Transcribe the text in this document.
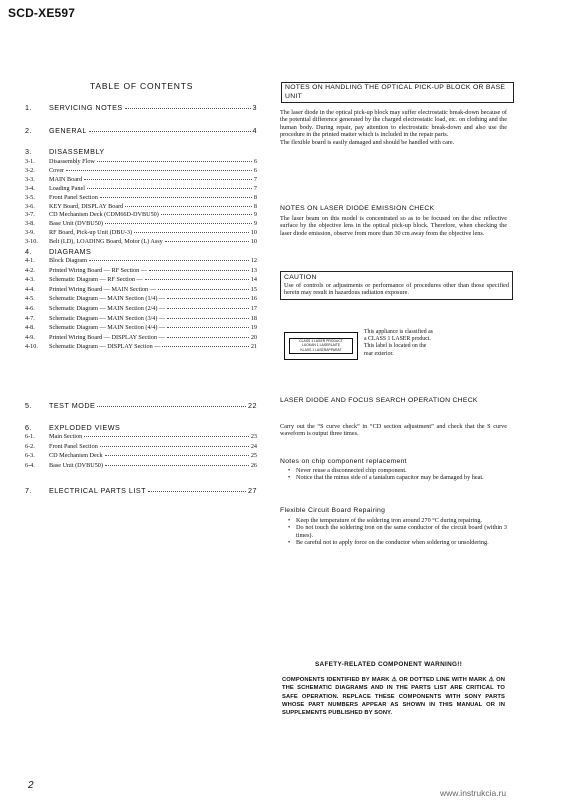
SCD-XE597
TABLE OF CONTENTS
1.	SERVICING NOTES	3
2.	GENERAL	4
3.	DISASSEMBLY
3-1.	Disassembly Flow	6
3-2.	Cover	6
3-3.	MAIN Board	7
3-4.	Loading Panel	7
3-5.	Front Panel Section	8
3-6.	KEY Board, DISPLAY Board	8
3-7.	CD Mechanism Deck (CDM66D-DVBU50)	9
3-8.	Base Unit (DVBU50)	9
3-9.	RF Board, Pick-up Unit (DBU-3)	10
3-10.	Belt (LD), LOADING Board, Motor (L) Assy	10
4.	DIAGRAMS
4-1.	Block Diagram	12
4-2.	Printed Wiring Board — RF Section —	13
4-3.	Schematic Diagram — RF Section —	14
4-4.	Printed Wiring Board — MAIN Section —	15
4-5.	Schematic Diagram — MAIN Section (1/4) —	16
4-6.	Schematic Diagram — MAIN Section (2/4) —	17
4-7.	Schematic Diagram — MAIN Section (3/4) —	18
4-8.	Schematic Diagram — MAIN Section (4/4) —	19
4-9.	Printed Wiring Board — DISPLAY Section —	20
4-10.	Schematic Diagram — DISPLAY Section —	21
5.	TEST MODE	22
6.	EXPLODED VIEWS
6-1.	Main Section	23
6-2.	Front Panel Section	24
6-3.	CD Mechanism Deck	25
6-4.	Base Unit (DVBU50)	26
7.	ELECTRICAL PARTS LIST	27
NOTES ON HANDLING THE OPTICAL PICK-UP BLOCK OR BASE UNIT
The laser diode in the optical pick-up block may suffer electrostatic break-down because of the potential difference generated by the charged electrostatic load, etc. on clothing and the human body. During repair, pay attention to electrostatic break-down and also use the procedure in the printed matter which is included in the repair parts.
The flexible board is easily damaged and should be handled with care.
NOTES ON LASER DIODE EMISSION CHECK
The laser beam on this model is concentrated so as to be focused on the disc reflective surface by the objective lens in the optical pick-up block. Therefore, when checking the laser diode emission, observe from more than 30 cm away from the objective lens.
CAUTION
Use of controls or adjustments or performance of procedures other than those specified herein may result in hazardous radiation exposure.
CLASS 1 LASER PRODUCT
LUOKAN 1 LASERLAITE
KLASS 1 LASERAPPARAT
This appliance is classified as a CLASS 1 LASER product. This label is located on the rear exterior.
LASER DIODE AND FOCUS SEARCH OPERATION CHECK
Carry out the “S curve check” in “CD section adjustment” and check that the S curve waveform is output three times.
Notes on chip component replacement
• Never reuse a disconnected chip component.
• Notice that the minus side of a tantalum capacitor may be damaged by heat.
Flexible Circuit Board Repairing
• Keep the temperature of the soldering iron around 270 °C during repairing.
• Do not touch the soldering iron on the same conductor of the circuit board (within 3 times).
• Be careful not to apply force on the conductor when soldering or unsoldering.
SAFETY-RELATED COMPONENT WARNING!!
COMPONENTS IDENTIFIED BY MARK ⚠ OR DOTTED LINE WITH MARK ⚠ ON THE SCHEMATIC DIAGRAMS AND IN THE PARTS LIST ARE CRITICAL TO SAFE OPERATION. REPLACE THESE COMPONENTS WITH SONY PARTS WHOSE PART NUMBERS APPEAR AS SHOWN IN THIS MANUAL OR IN SUPPLEMENTS PUBLISHED BY SONY.
2
www.instrukcia.ru
